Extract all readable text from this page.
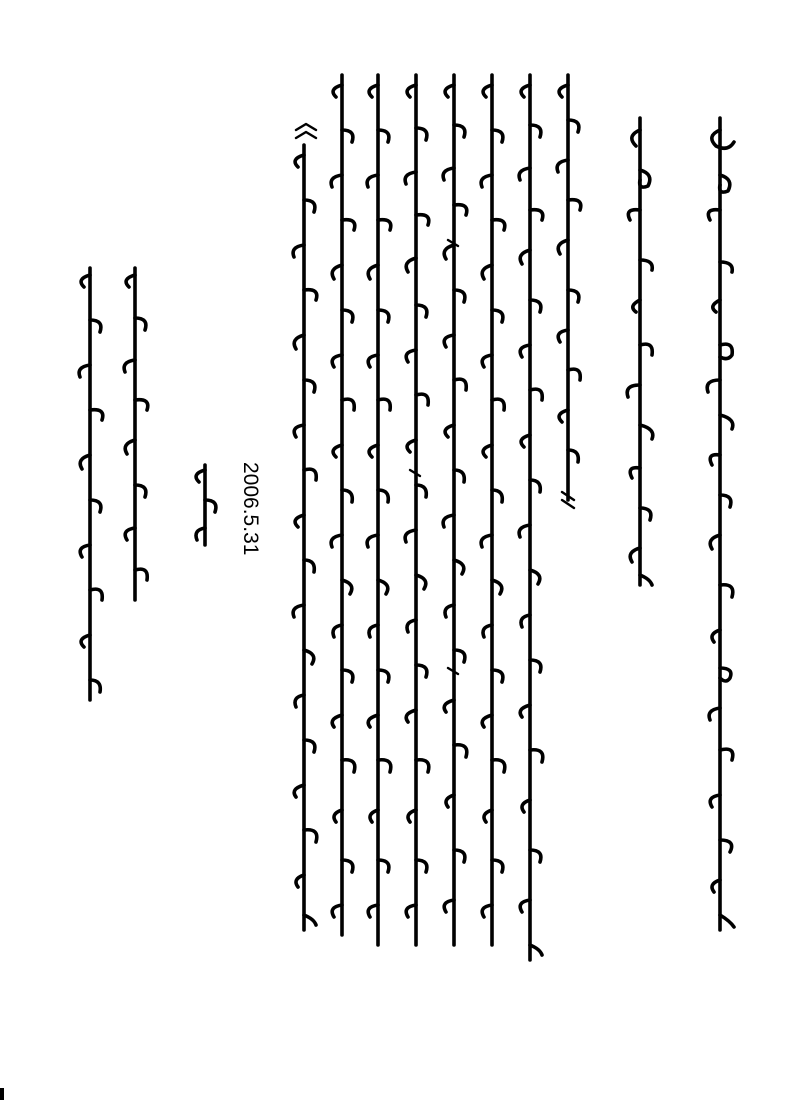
2006.5.31
